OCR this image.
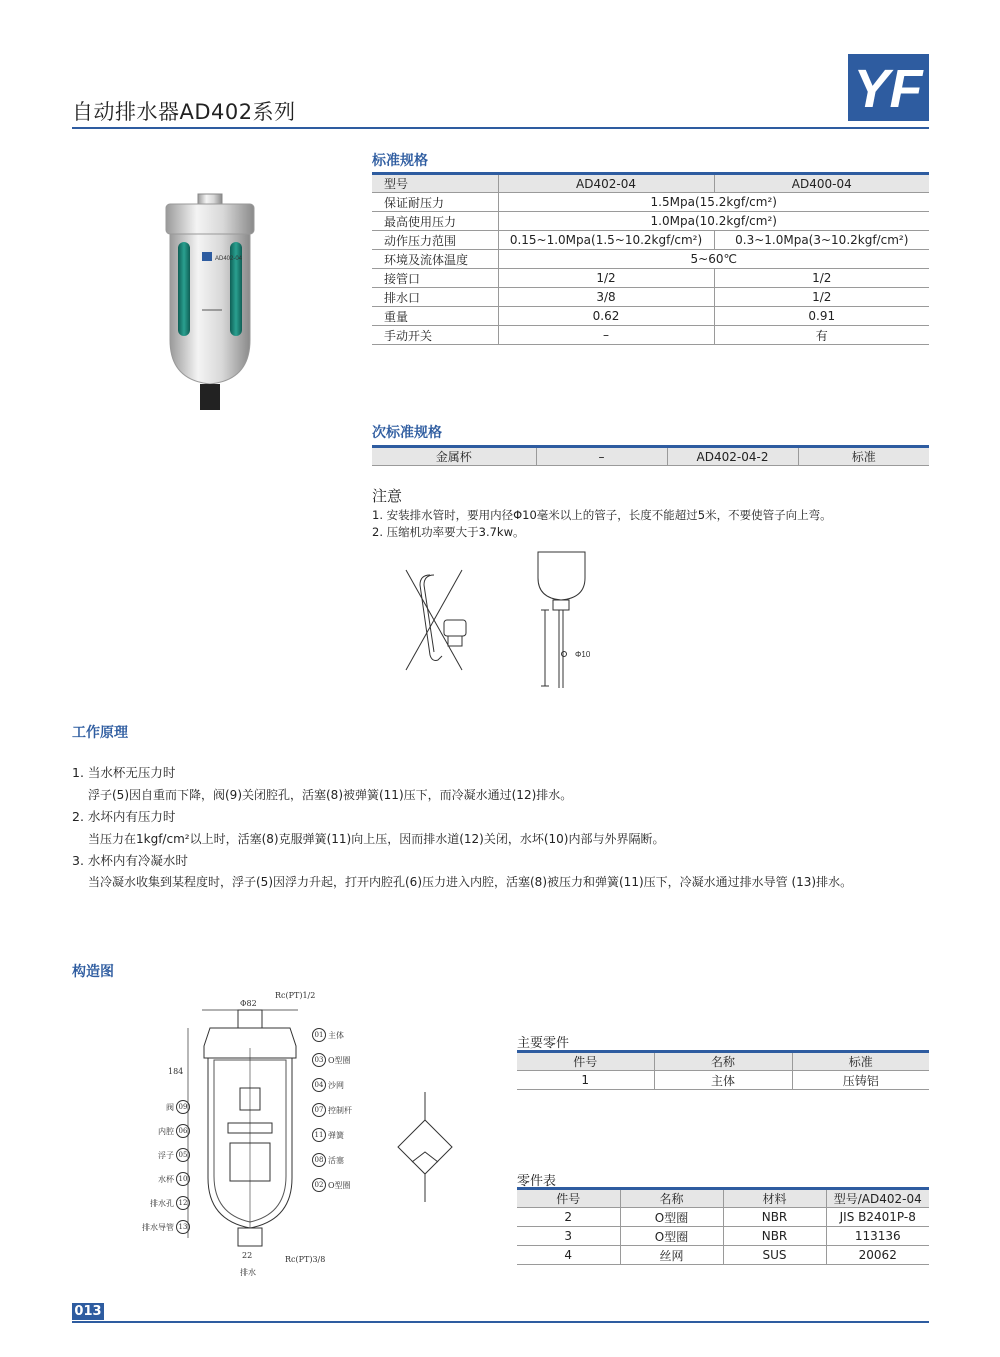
自动排水器AD402系列	YF
AD402-04
标准规格
型号	AD402-04	AD400-04
保证耐压力	1.5Mpa(15.2kgf/cm²)	
最高使用压力	1.0Mpa(10.2kgf/cm²)	
动作压力范围	0.15~1.0Mpa(1.5~10.2kgf/cm²)	0.3~1.0Mpa(3~10.2kgf/cm²)
环境及流体温度	5~60℃	
接管口	1/2	1/2
排水口	3/8	1/2
重量	0.62	0.91
手动开关	–	有
次标准规格
金属杯	–	AD402-04-2	标准
注意
1. 安装排水管时，要用内径Φ10毫米以上的管子，长度不能超过5米，不要使管子向上弯。
2. 压缩机功率要大于3.7kw。
Φ10
工作原理
1. 当水杯无压力时
浮子(5)因自重而下降，阀(9)关闭腔孔，活塞(8)被弹簧(11)压下，而冷凝水通过(12)排水。
2. 水坏内有压力时
当压力在1kgf/cm²以上时，活塞(8)克服弹簧(11)向上压，因而排水道(12)关闭，水坏(10)内部与外界隔断。
3. 水杯内有冷凝水时
当冷凝水收集到某程度时，浮子(5)因浮力升起，打开内腔孔(6)压力进入内腔，活塞(8)被压力和弹簧(11)压下，冷凝水通过排水导管 (13)排水。
构造图
Φ82
Rc(PT)1/2
184
22	Rc(PT)3/8
排水
01 主体
03 O型圈
04 沙网
07 控制杆
11 弹簧
08 活塞
02 O型圈
阀 09
内腔 06
浮子 05
水杯 10
排水孔 12
排水导管 13
主要零件
件号	名称	标准
1	主体	压铸铝
零件表
件号	名称	材料	型号/AD402-04
2	O型圈	NBR	JIS B2401P-8
3	O型圈	NBR	113136
4	丝网	SUS	20062
013
